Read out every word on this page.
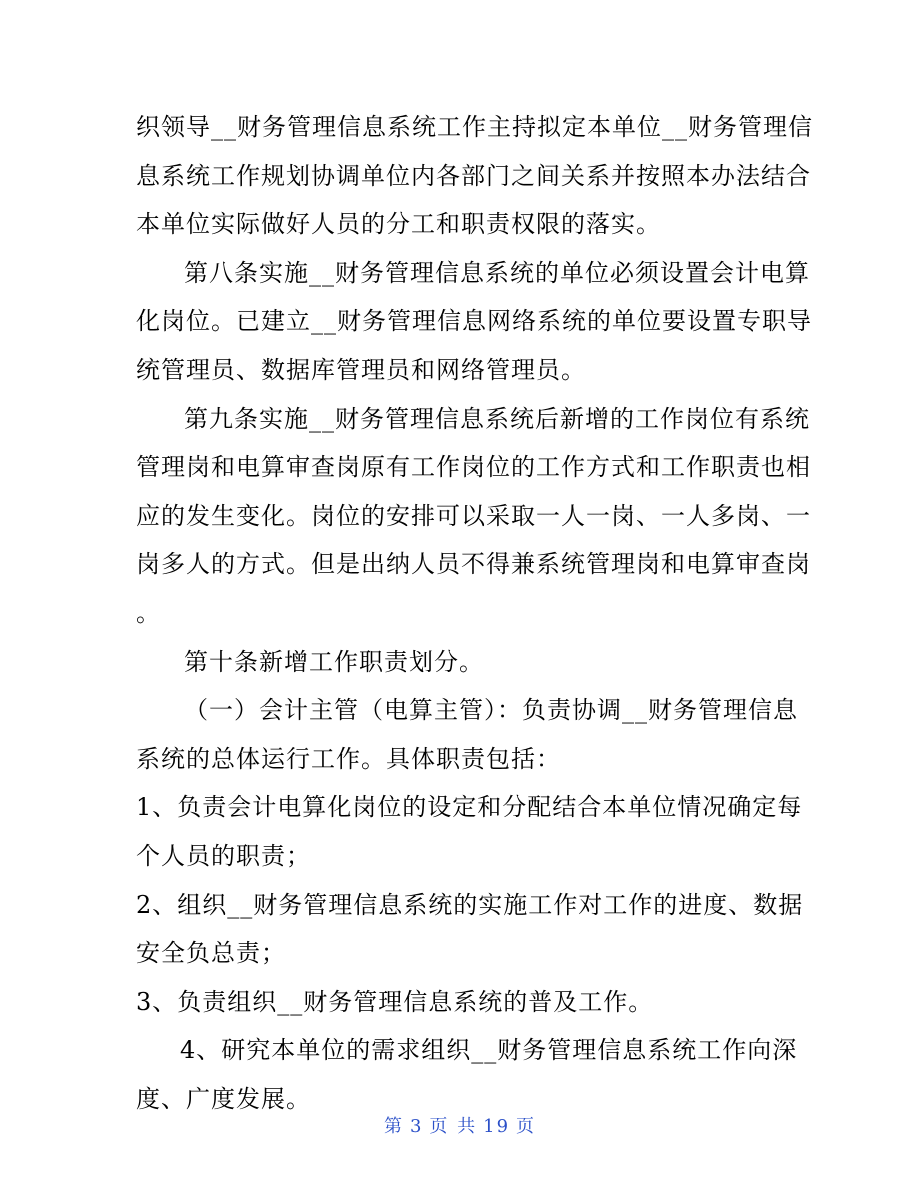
织领导__财务管理信息系统工作主持拟定本单位__财务管理信
息系统工作规划协调单位内各部门之间关系并按照本办法结合
本单位实际做好人员的分工和职责权限的落实。

第八条实施__财务管理信息系统的单位必须设置会计电算
化岗位。已建立__财务管理信息网络系统的单位要设置专职导
统管理员、数据库管理员和网络管理员。

第九条实施__财务管理信息系统后新增的工作岗位有系统
管理岗和电算审查岗原有工作岗位的工作方式和工作职责也相
应的发生变化。岗位的安排可以采取一人一岗、一人多岗、一
岗多人的方式。但是出纳人员不得兼系统管理岗和电算审查岗
。

第十条新增工作职责划分。

（一）会计主管（电算主管）：负责协调__财务管理信息
系统的总体运行工作。具体职责包括：

1、负责会计电算化岗位的设定和分配结合本单位情况确定每
个人员的职责；

2、组织__财务管理信息系统的实施工作对工作的进度、数据
安全负总责；

3、负责组织__财务管理信息系统的普及工作。

4、研究本单位的需求组织__财务管理信息系统工作向深
度、广度发展。

第 3 页 共 19 页
